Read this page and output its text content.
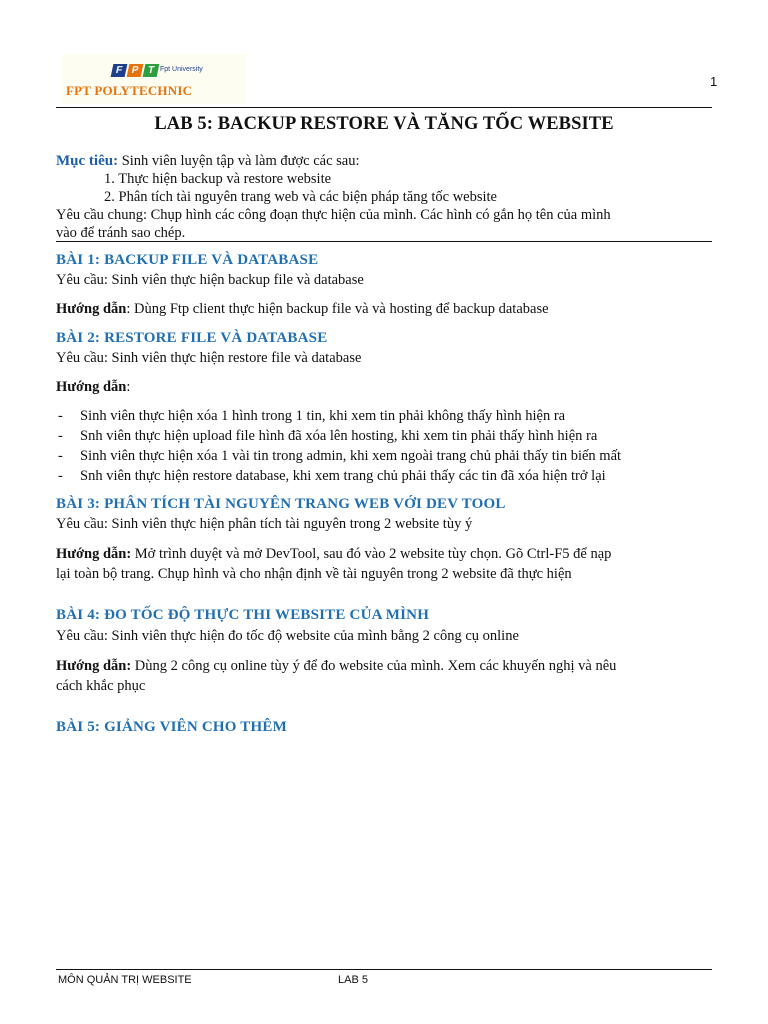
F P T Fpt University
FPT POLYTECHNIC
1
LAB 5: BACKUP RESTORE VÀ TĂNG TỐC WEBSITE
Mục tiêu: Sinh viên luyện tập và làm được các sau:
1. Thực hiện backup và restore website
2. Phân tích tài nguyên trang web và các biện pháp tăng tốc website
Yêu cầu chung: Chụp hình các công đoạn thực hiện của mình. Các hình có gắn họ tên của mình
vào để tránh sao chép.
BÀI 1: BACKUP FILE VÀ DATABASE
Yêu cầu: Sinh viên thực hiện backup file và database
Hướng dẫn: Dùng Ftp client thực hiện backup file và và hosting để backup database
BÀI 2: RESTORE FILE VÀ DATABASE
Yêu cầu: Sinh viên thực hiện restore file và database
Hướng dẫn:
- Sinh viên thực hiện xóa 1 hình trong 1 tin, khi xem tin phải không thấy hình hiện ra
- Snh viên thực hiện upload file hình đã xóa lên hosting, khi xem tin phải thấy hình hiện ra
- Sinh viên thực hiện xóa 1 vài tin trong admin, khi xem ngoài trang chủ phải thấy tin biến mất
- Snh viên thực hiện restore database, khi xem trang chủ phải thấy các tin đã xóa hiện trở lại
BÀI 3: PHÂN TÍCH TÀI NGUYÊN TRANG WEB VỚI DEV TOOL
Yêu cầu: Sinh viên thực hiện phân tích tài nguyên trong 2 website tùy ý
Hướng dẫn: Mở trình duyệt và mở DevTool, sau đó vào 2 website tùy chọn. Gõ Ctrl-F5 để nạp
lại toàn bộ trang. Chụp hình và cho nhận định về tài nguyên trong 2 website đã thực hiện
BÀI 4: ĐO TỐC ĐỘ THỰC THI WEBSITE CỦA MÌNH
Yêu cầu: Sinh viên thực hiện đo tốc độ website của mình bằng 2 công cụ online
Hướng dẫn: Dùng 2 công cụ online tùy ý để đo website của mình. Xem các khuyến nghị và nêu
cách khắc phục
BÀI 5: GIẢNG VIÊN CHO THÊM
MÔN QUẢN TRỊ WEBSITE	LAB 5
